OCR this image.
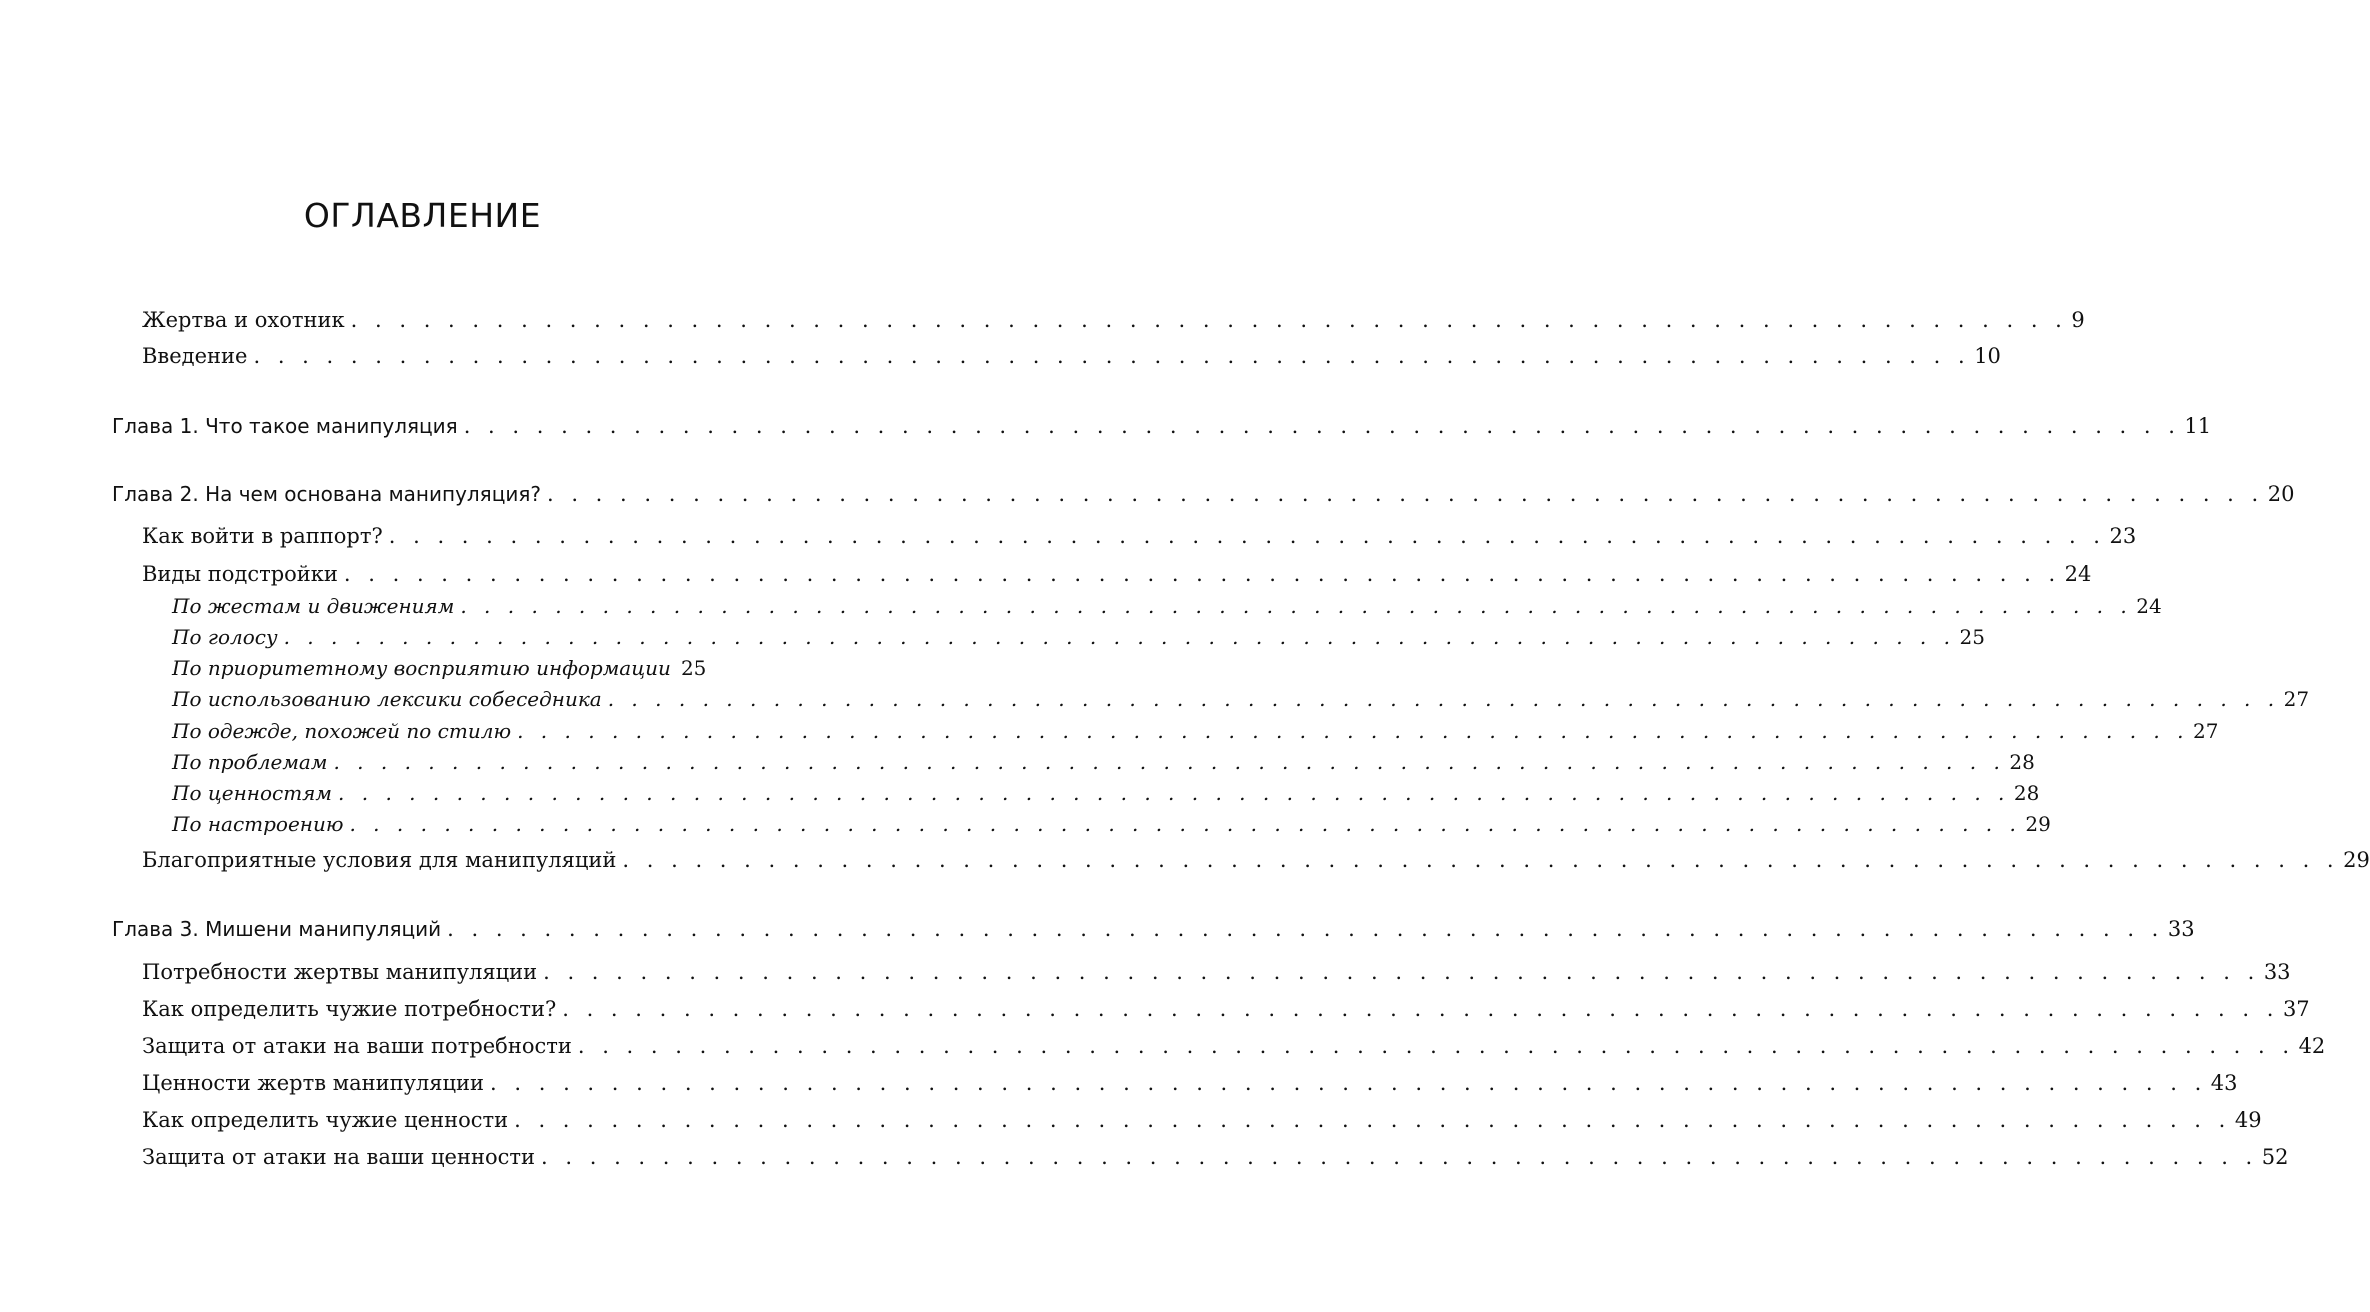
ОГЛАВЛЕНИЕ
Жертва и охотник . . . . . . . . . . . . . . . . . . . . . . . . . . . . . . . . . . . . . . . . . . . . . . . . . . . . . . . . . . . . . . . . . . . . . . . 9
Введение . . . . . . . . . . . . . . . . . . . . . . . . . . . . . . . . . . . . . . . . . . . . . . . . . . . . . . . . . . . . . . . . . . . . . . . 10
Глава 1. Что такое манипуляция . . . . . . . . . . . . . . . . . . . . . . . . . . . . . . . . . . . . . . . . . . . . . . . . . . . . . . . . . . . . . . . . . . . . . . . 11
Глава 2. На чем основана манипуляция? . . . . . . . . . . . . . . . . . . . . . . . . . . . . . . . . . . . . . . . . . . . . . . . . . . . . . . . . . . . . . . . . . . . . . . . 20
Как войти в раппорт? . . . . . . . . . . . . . . . . . . . . . . . . . . . . . . . . . . . . . . . . . . . . . . . . . . . . . . . . . . . . . . . . . . . . . . . 23
Виды подстройки . . . . . . . . . . . . . . . . . . . . . . . . . . . . . . . . . . . . . . . . . . . . . . . . . . . . . . . . . . . . . . . . . . . . . . . 24
По жестам и движениям . . . . . . . . . . . . . . . . . . . . . . . . . . . . . . . . . . . . . . . . . . . . . . . . . . . . . . . . . . . . . . . . . . . . . . . 24
По голосу . . . . . . . . . . . . . . . . . . . . . . . . . . . . . . . . . . . . . . . . . . . . . . . . . . . . . . . . . . . . . . . . . . . . . . . 25
По приоритетному восприятию информации 25
По использованию лексики собеседника . . . . . . . . . . . . . . . . . . . . . . . . . . . . . . . . . . . . . . . . . . . . . . . . . . . . . . . . . . . . . . . . . . . . . . . 27
По одежде, похожей по стилю . . . . . . . . . . . . . . . . . . . . . . . . . . . . . . . . . . . . . . . . . . . . . . . . . . . . . . . . . . . . . . . . . . . . . . . 27
По проблемам . . . . . . . . . . . . . . . . . . . . . . . . . . . . . . . . . . . . . . . . . . . . . . . . . . . . . . . . . . . . . . . . . . . . . . . 28
По ценностям . . . . . . . . . . . . . . . . . . . . . . . . . . . . . . . . . . . . . . . . . . . . . . . . . . . . . . . . . . . . . . . . . . . . . . . 28
По настроению . . . . . . . . . . . . . . . . . . . . . . . . . . . . . . . . . . . . . . . . . . . . . . . . . . . . . . . . . . . . . . . . . . . . . . . 29
Благоприятные условия для манипуляций . . . . . . . . . . . . . . . . . . . . . . . . . . . . . . . . . . . . . . . . . . . . . . . . . . . . . . . . . . . . . . . . . . . . . . . 29
Глава 3. Мишени манипуляций . . . . . . . . . . . . . . . . . . . . . . . . . . . . . . . . . . . . . . . . . . . . . . . . . . . . . . . . . . . . . . . . . . . . . . . 33
Потребности жертвы манипуляции . . . . . . . . . . . . . . . . . . . . . . . . . . . . . . . . . . . . . . . . . . . . . . . . . . . . . . . . . . . . . . . . . . . . . . . 33
Как определить чужие потребности? . . . . . . . . . . . . . . . . . . . . . . . . . . . . . . . . . . . . . . . . . . . . . . . . . . . . . . . . . . . . . . . . . . . . . . . 37
Защита от атаки на ваши потребности . . . . . . . . . . . . . . . . . . . . . . . . . . . . . . . . . . . . . . . . . . . . . . . . . . . . . . . . . . . . . . . . . . . . . . . 42
Ценности жертв манипуляции . . . . . . . . . . . . . . . . . . . . . . . . . . . . . . . . . . . . . . . . . . . . . . . . . . . . . . . . . . . . . . . . . . . . . . . 43
Как определить чужие ценности . . . . . . . . . . . . . . . . . . . . . . . . . . . . . . . . . . . . . . . . . . . . . . . . . . . . . . . . . . . . . . . . . . . . . . . 49
Защита от атаки на ваши ценности . . . . . . . . . . . . . . . . . . . . . . . . . . . . . . . . . . . . . . . . . . . . . . . . . . . . . . . . . . . . . . . . . . . . . . . 52
